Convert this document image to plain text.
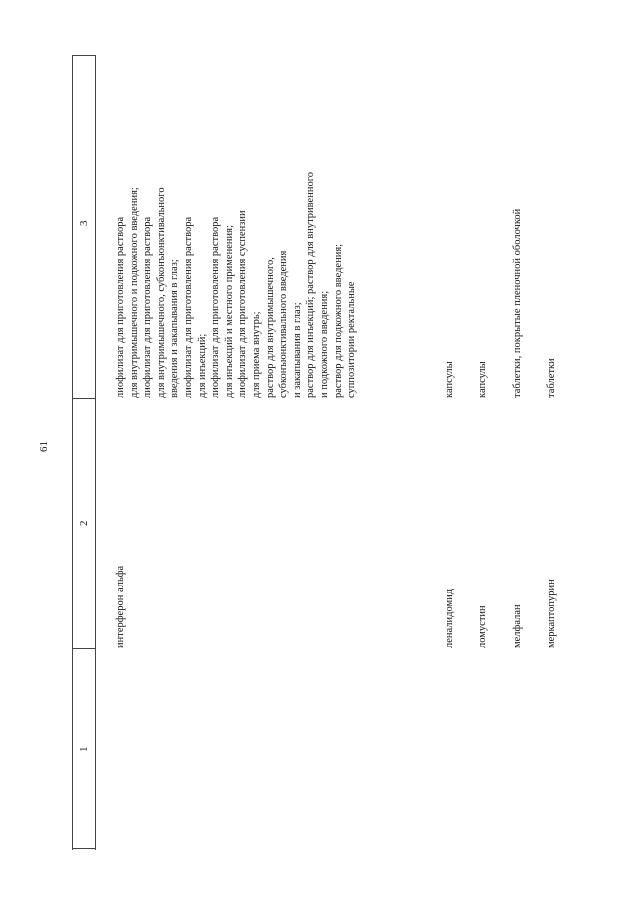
61
1
2
3
интерферон альфа
лиофилизат для приготовления раствора для внутримышечного и подкожного введения; лиофилизат для приготовления раствора для внутримышечного, субконъюнктивального введения и закапывания в глаз; лиофилизат для приготовления раствора для инъекций; лиофилизат для приготовления раствора для инъекций и местного применения; лиофилизат для приготовления суспензии для приема внутрь; раствор для внутримышечного, субконъюнктивального введения и закапывания в глаз; раствор для инъекций; раствор для внутривенного и подкожного введения; раствор для подкожного введения; суппозитории ректальные
леналидомид
капсулы
ломустин
капсулы
мелфалан
таблетки, покрытые пленочной оболочкой
меркаптопурин
таблетки
